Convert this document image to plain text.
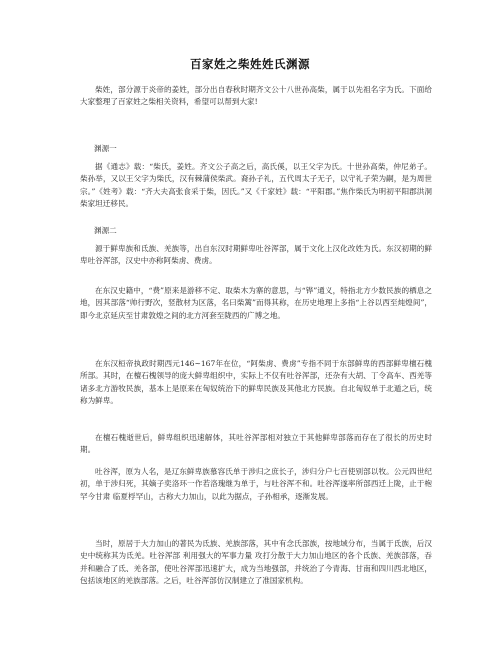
百家姓之柴姓姓氏渊源

柴姓，部分源于炎帝的姜姓，部分出自春秋时期齐文公十八世孙高柴，属于以先祖名字为氏。下面给大家整理了百家姓之柴相关资料，希望可以帮到大家!

渊源一

据《通志》载：“柴氏，姜姓。齐文公子高之后，高氏傒，以王父字为氏。十世孙高柴，仲尼弟子。柴孙举，又以王父字为柴氏，汉有棘蒲侯柴武。裔孙子礼，五代周太子无子，以守礼子荣为嗣，是为周世宗。”《姓考》载：“齐大夫高张食采于柴，因氏。”又《千家姓》载：“平阳郡。”焦作柴氏为明初平阳郡洪洞柴家坦迁移民。

渊源二

源于鲜卑族和氐族、羌族等，出自东汉时期鲜卑吐谷浑部，属于文化上汉化改姓为氏。东汉初期的鲜卑吐谷浑部，汉史中亦称阿柴虏、费虏。

在东汉史籍中，“费”原来是游移不定、取柴木为寨的意思，与“铧”通义，特指北方少数民族的栖息之地，因其部落“帅行野次，竖散材为区落，名曰柴篱”而得其称，在历史地理上多指“上谷以西至炖煌间”，即今北京延庆至甘肃敦煌之间的北方河套至陇西的广博之地。

在东汉桓帝执政时期西元146~167年在位，“阿柴虏、费虏”专指不同于东部鲜卑的西部鲜卑檀石槐所部。其时，在檀石槐领导的庞大鲜卑组织中，实际上不仅有吐谷浑部，还杂有大胡、丁令高车、西羌等诸多北方游牧民族，基本上是原来在匈奴统治下的鲜卑民族及其他北方民族。自北匈奴单于北遁之后，统称为鲜卑。

在檀石槐逝世后，鲜卑组织迅速解体，其吐谷浑部相对独立于其他鲜卑部落而存在了很长的历史时期。

吐谷浑，原为人名，是辽东鲜卑族慕容氏单于涉归之庶长子，涉归分户七百使别部以牧。公元四世纪初，单于涉归死，其嫡子奕洛环一作若洛瑰继为单于，与吐谷浑不和。吐谷浑遂率所部西迁上陇，止于枹罕今甘肃 临夏桴罕山，古称大力加山，以此为据点，子孙相承，逐渐发展。

当时，原居于大力加山的著民为氐族、羌族部落，其中有念氏部族，按地域分布，当属于氐族，后汉史中统称其为氐羌。吐谷浑部 利用强大的军事力量 攻打分散于大力加山地区的各个氐族、羌族部落，吞并和融合了氐、羌各部，使吐谷浑部迅速扩大，成为当地强部，并统治了今青海、甘南和四川西北地区，包括该地区的羌族部落。之后，吐谷浑部仿汉制建立了准国家机构。
